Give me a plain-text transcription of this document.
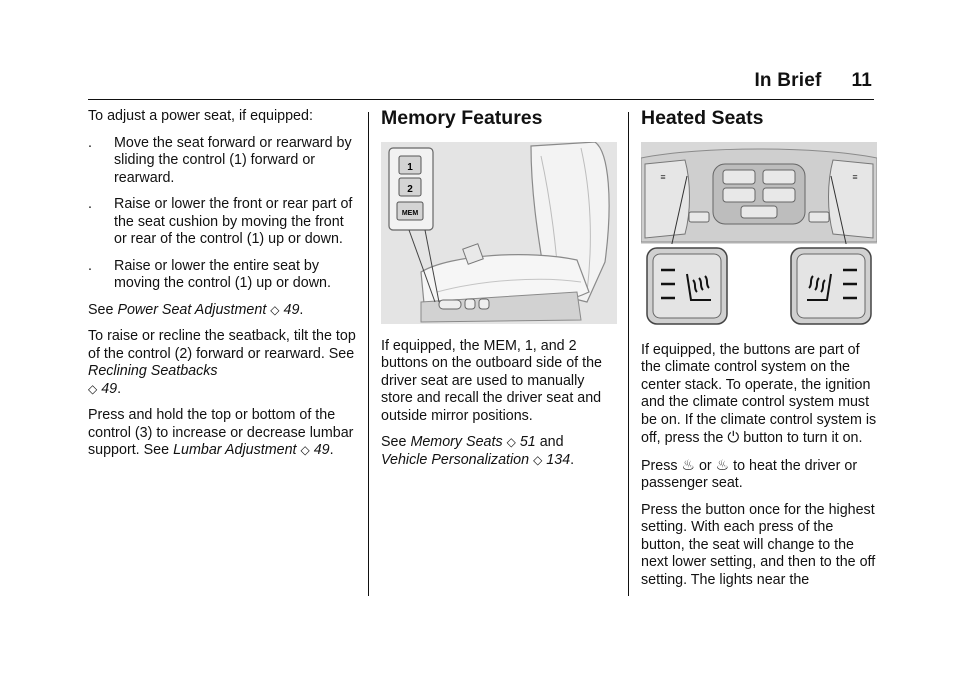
In Brief 11

To adjust a power seat, if equipped:

. Move the seat forward or rearward by sliding the control (1) forward or rearward.
. Raise or lower the front or rear part of the seat cushion by moving the front or rear of the control (1) up or down.
. Raise or lower the entire seat by moving the control (1) up or down.

See Power Seat Adjustment ◇ 49.

To raise or recline the seatback, tilt the top of the control (2) forward or rearward. See Reclining Seatbacks
◇ 49.

Press and hold the top or bottom of the control (3) to increase or decrease lumbar support. See Lumbar Adjustment ◇ 49.

Memory Features
1
2
MEM

If equipped, the MEM, 1, and 2 buttons on the outboard side of the driver seat are used to manually store and recall the driver seat and outside mirror positions.

See Memory Seats ◇ 51 and
Vehicle Personalization ◇ 134.

Heated Seats
≡	≡

If equipped, the buttons are part of the climate control system on the center stack. To operate, the ignition and the climate control system must be on. If the climate control system is off, press the ⏻ button to turn it on.

Press ♨ or ♨ to heat the driver or passenger seat.

Press the button once for the highest setting. With each press of the button, the seat will change to the next lower setting, and then to the off setting. The lights near the
